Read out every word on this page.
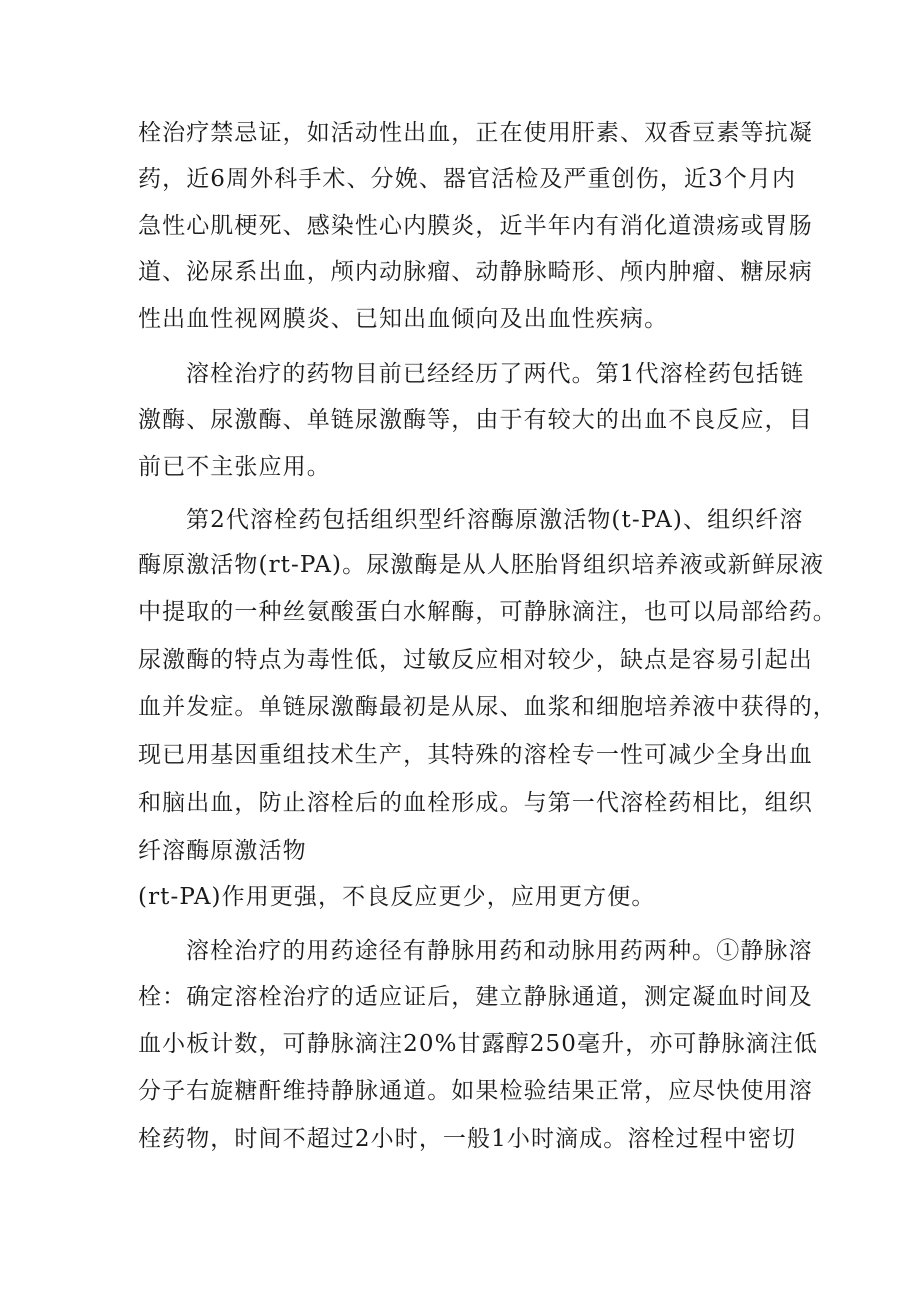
栓治疗禁忌证，如活动性出血，正在使用肝素、双香豆素等抗凝

药，近6周外科手术、分娩、器官活检及严重创伤，近3个月内

急性心肌梗死、感染性心内膜炎，近半年内有消化道溃疡或胃肠

道、泌尿系出血，颅内动脉瘤、动静脉畸形、颅内肿瘤、糖尿病

性出血性视网膜炎、已知出血倾向及出血性疾病。

溶栓治疗的药物目前已经经历了两代。第1代溶栓药包括链

激酶、尿激酶、单链尿激酶等，由于有较大的出血不良反应，目

前已不主张应用。

第2代溶栓药包括组织型纤溶酶原激活物(t-PA)、组织纤溶

酶原激活物(rt-PA)。尿激酶是从人胚胎肾组织培养液或新鲜尿液

中提取的一种丝氨酸蛋白水解酶，可静脉滴注，也可以局部给药。

尿激酶的特点为毒性低，过敏反应相对较少，缺点是容易引起出

血并发症。单链尿激酶最初是从尿、血浆和细胞培养液中获得的，

现已用基因重组技术生产，其特殊的溶栓专一性可减少全身出血

和脑出血，防止溶栓后的血栓形成。与第一代溶栓药相比，组织

纤溶酶原激活物

(rt-PA)作用更强，不良反应更少，应用更方便。

溶栓治疗的用药途径有静脉用药和动脉用药两种。①静脉溶

栓：确定溶栓治疗的适应证后，建立静脉通道，测定凝血时间及

血小板计数，可静脉滴注20%甘露醇250毫升，亦可静脉滴注低

分子右旋糖酐维持静脉通道。如果检验结果正常，应尽快使用溶

栓药物，时间不超过2小时，一般1小时滴成。溶栓过程中密切
